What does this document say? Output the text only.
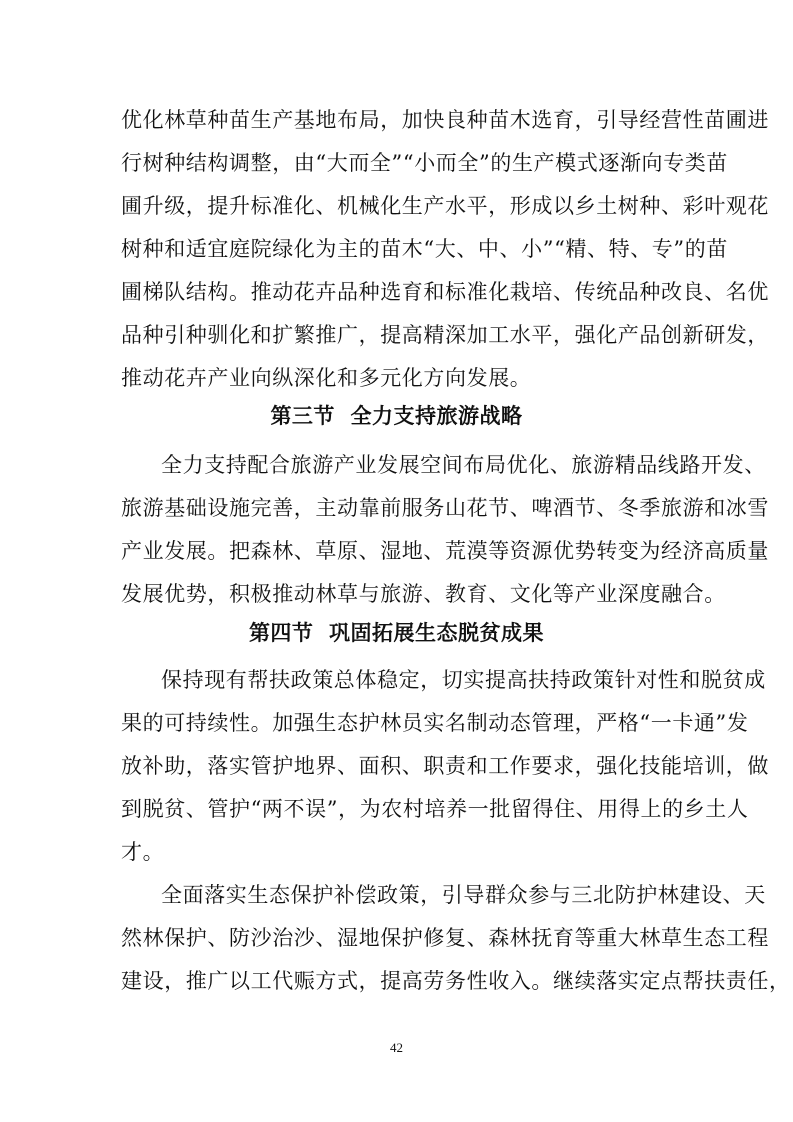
优化林草种苗生产基地布局，加快良种苗木选育，引导经营性苗圃进
行树种结构调整，由“大而全”“小而全”的生产模式逐渐向专类苗
圃升级，提升标准化、机械化生产水平，形成以乡土树种、彩叶观花
树种和适宜庭院绿化为主的苗木“大、中、小”“精、特、专”的苗
圃梯队结构。推动花卉品种选育和标准化栽培、传统品种改良、名优
品种引种驯化和扩繁推广，提高精深加工水平，强化产品创新研发，
推动花卉产业向纵深化和多元化方向发展。
第三节  全力支持旅游战略
全力支持配合旅游产业发展空间布局优化、旅游精品线路开发、
旅游基础设施完善，主动靠前服务山花节、啤酒节、冬季旅游和冰雪
产业发展。把森林、草原、湿地、荒漠等资源优势转变为经济高质量
发展优势，积极推动林草与旅游、教育、文化等产业深度融合。
第四节  巩固拓展生态脱贫成果
保持现有帮扶政策总体稳定，切实提高扶持政策针对性和脱贫成
果的可持续性。加强生态护林员实名制动态管理，严格“一卡通”发
放补助，落实管护地界、面积、职责和工作要求，强化技能培训，做
到脱贫、管护“两不误”，为农村培养一批留得住、用得上的乡土人
才。
全面落实生态保护补偿政策，引导群众参与三北防护林建设、天
然林保护、防沙治沙、湿地保护修复、森林抚育等重大林草生态工程
建设，推广以工代赈方式，提高劳务性收入。继续落实定点帮扶责任，
42
